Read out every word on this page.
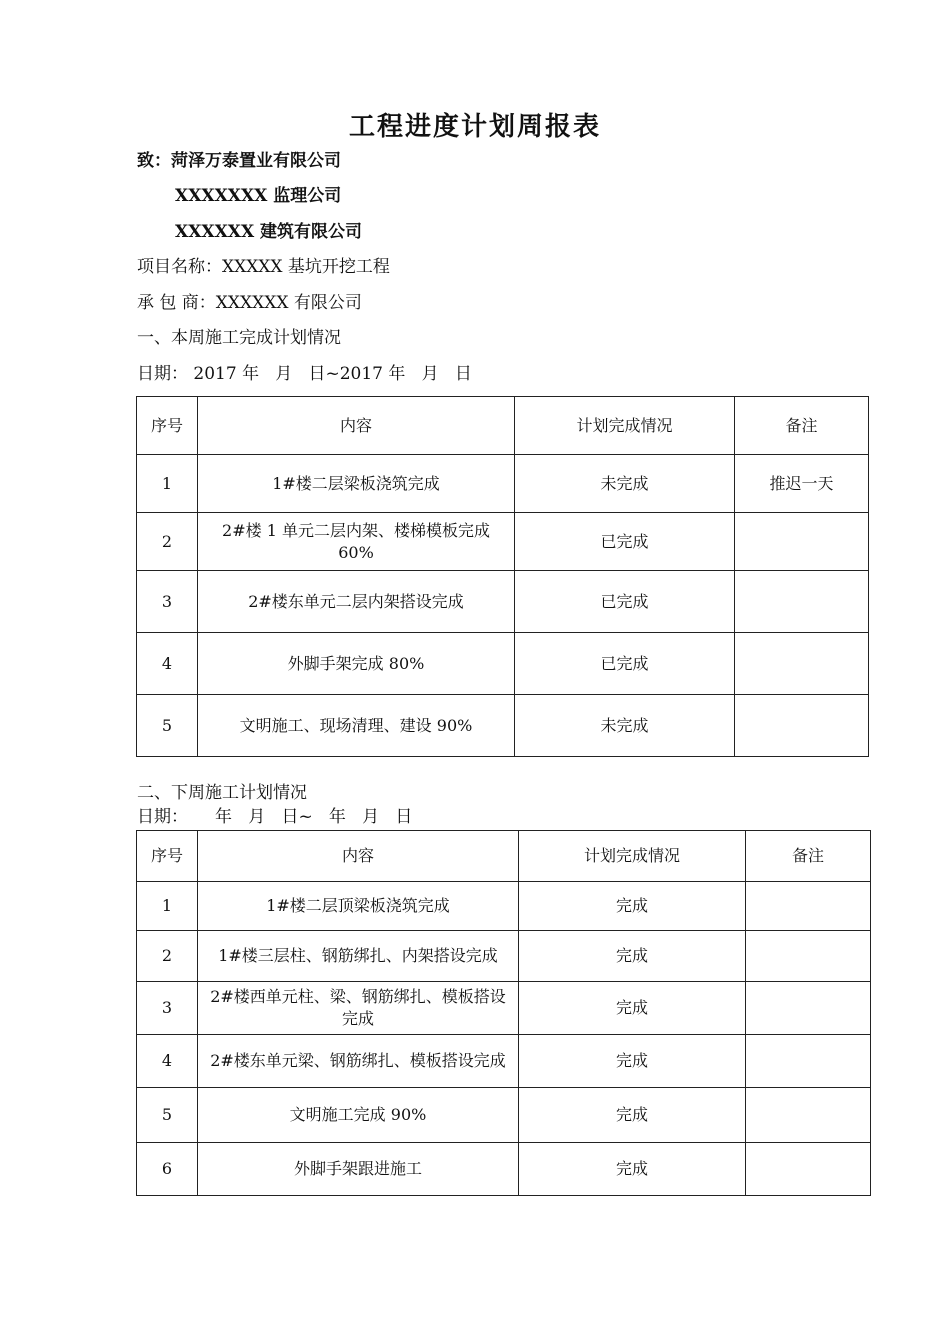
工程进度计划周报表
致：菏泽万泰置业有限公司
XXXXXXX 监理公司
XXXXXX 建筑有限公司
项目名称：XXXXX 基坑开挖工程
承 包 商：XXXXXX 有限公司
一、本周施工完成计划情况
日期： 2017 年   月   日~2017 年   月   日
序号	内容	计划完成情况	备注
1	1#楼二层梁板浇筑完成	未完成	推迟一天
2	2#楼 1 单元二层内架、楼梯模板完成 60%	已完成	
3	2#楼东单元二层内架搭设完成	已完成	
4	外脚手架完成 80%	已完成	
5	文明施工、现场清理、建设 90%	未完成	
二、下周施工计划情况
日期：     年   月   日~   年   月   日
序号	内容	计划完成情况	备注
1	1#楼二层顶梁板浇筑完成	完成	
2	1#楼三层柱、钢筋绑扎、内架搭设完成	完成	
3	2#楼西单元柱、梁、钢筋绑扎、模板搭设 完成	完成	
4	2#楼东单元梁、钢筋绑扎、模板搭设完成	完成	
5	文明施工完成 90%	完成	
6	外脚手架跟进施工	完成	
